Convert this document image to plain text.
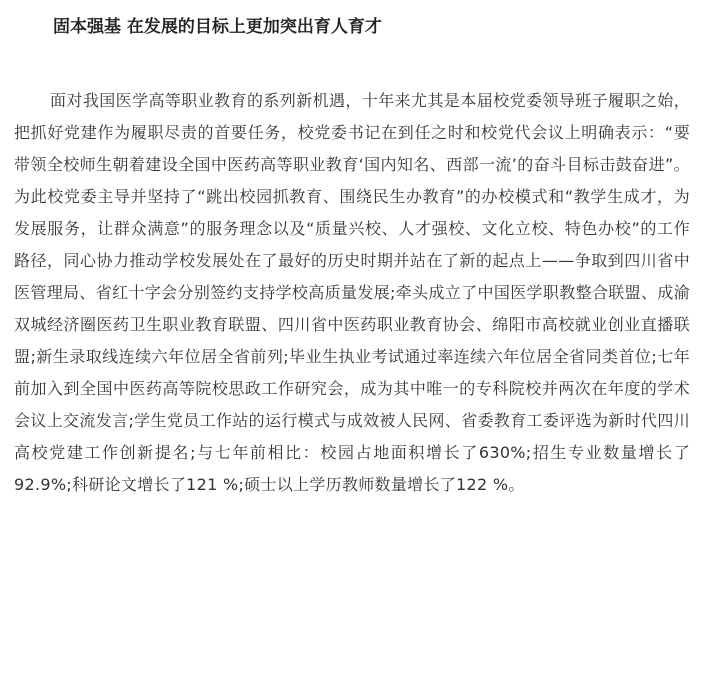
固本强基 在发展的目标上更加突出育人育才

面对我国医学高等职业教育的系列新机遇，十年来尤其是本届校党委领导班子履职之始，把抓好党建作为履职尽责的首要任务，校党委书记在到任之时和校党代会议上明确表示：“要带领全校师生朝着建设全国中医药高等职业教育‘国内知名、西部一流’的奋斗目标击鼓奋进”。为此校党委主导并坚持了“跳出校园抓教育、围绕民生办教育”的办校模式和“教学生成才，为发展服务，让群众满意”的服务理念以及“质量兴校、人才强校、文化立校、特色办校”的工作路径，同心协力推动学校发展处在了最好的历史时期并站在了新的起点上——争取到四川省中医管理局、省红十字会分别签约支持学校高质量发展;牵头成立了中国医学职教整合联盟、成渝双城经济圈医药卫生职业教育联盟、四川省中医药职业教育协会、绵阳市高校就业创业直播联盟;新生录取线连续六年位居全省前列;毕业生执业考试通过率连续六年位居全省同类首位;七年前加入到全国中医药高等院校思政工作研究会，成为其中唯一的专科院校并两次在年度的学术会议上交流发言;学生党员工作站的运行模式与成效被人民网、省委教育工委评选为新时代四川高校党建工作创新提名;与七年前相比：校园占地面积增长了630%;招生专业数量增长了92.9%;科研论文增长了121 %;硕士以上学历教师数量增长了122 %。
